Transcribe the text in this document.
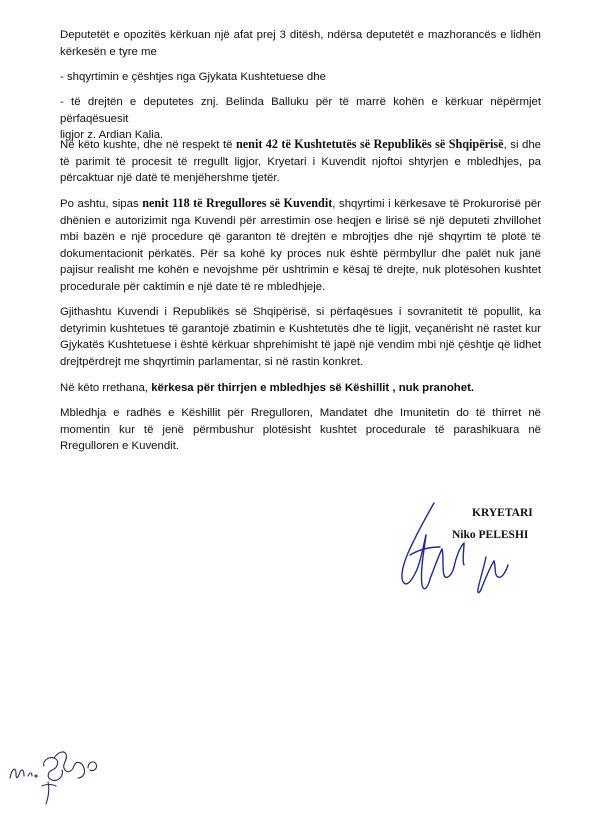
Deputetët e opozitës kërkuan një afat prej 3 ditësh, ndërsa deputetët e mazhorancës e lidhën
kërkesën e tyre me

- shqyrtimin e çështjes nga Gjykata Kushtetuese dhe

- të drejtën e deputetes znj. Belinda Balluku për të marrë kohën e kërkuar nëpërmjet përfaqësuesit
ligjor z. Ardian Kalia.

Në këto kushte, dhe në respekt të nenit 42 të Kushtetutës së Republikës së Shqipërisë, si dhe të parimit të procesit të rregullt ligjor, Kryetari i Kuvendit njoftoi shtyrjen e mbledhjes, pa përcaktuar një datë të menjëhershme tjetër.

Po ashtu, sipas nenit 118 të Rregullores së Kuvendit, shqyrtimi i kërkesave të Prokurorisë për dhënien e autorizimit nga Kuvendi për arrestimin ose heqjen e lirisë së një deputeti zhvillohet mbi bazën e një procedure që garanton të drejtën e mbrojtjes dhe një shqyrtim të plotë të dokumentacionit përkatës. Për sa kohë ky proces nuk është përmbyllur dhe palët nuk janë pajisur realisht me kohën e nevojshme për ushtrimin e kësaj të drejte, nuk plotësohen kushtet procedurale për caktimin e një date të re mbledhjeje.

Gjithashtu Kuvendi i Republikës së Shqipërisë, si përfaqësues i sovranitetit të popullit, ka detyrimin kushtetues të garantojë zbatimin e Kushtetutës dhe të ligjit, veçanërisht në rastet kur Gjykatës Kushtetuese i është kërkuar shprehimisht të japë një vendim mbi një çështje që lidhet drejtpërdrejt me shqyrtimin parlamentar, si në rastin konkret.

Në këto rrethana, kërkesa për thirrjen e mbledhjes së Këshillit , nuk pranohet.

Mbledhja e radhës e Këshillit për Rregulloren, Mandatet dhe Imunitetin do të thirret në momentin kur të jenë përmbushur plotësisht kushtet procedurale të parashikuara në Rregulloren e Kuvendit.

KRYETARI
Niko PELESHI
